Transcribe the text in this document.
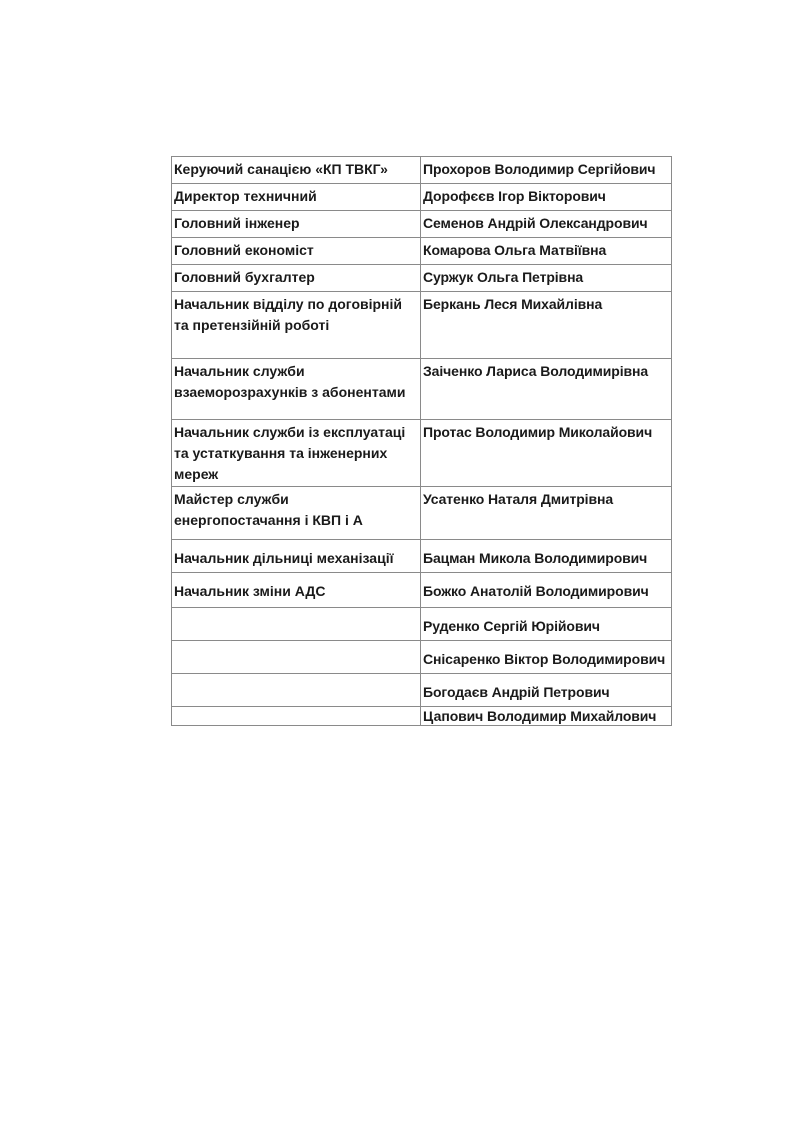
Керуючий санацією «КП ТВКГ»	Прохоров Володимир Сергійович
Директор техничний	Дорофєєв Ігор Вікторович
Головний інженер	Семенов Андрій Олександрович
Головний економіст	Комарова Ольга Матвіївна
Головний бухгалтер	Суржук Ольга Петрівна
Начальник відділу по договірній та претензійній роботі	Беркань Леся Михайлівна
Начальник служби взаеморозрахунків з абонентами	Заіченко Лариса Володимирівна
Начальник служби із експлуатаці та устаткування та інженерних мереж	Протас Володимир Миколайович
Майстер служби енергопостачання і КВП і А	Усатенко Наталя Дмитрівна
Начальник дільниці механізації	Бацман Микола Володимирович
Начальник зміни АДС	Божко Анатолій Володимирович
	Руденко Сергій Юрійович
	Снісаренко Віктор Володимирович
	Богодаєв Андрій Петрович
	Цапович Володимир Михайлович
